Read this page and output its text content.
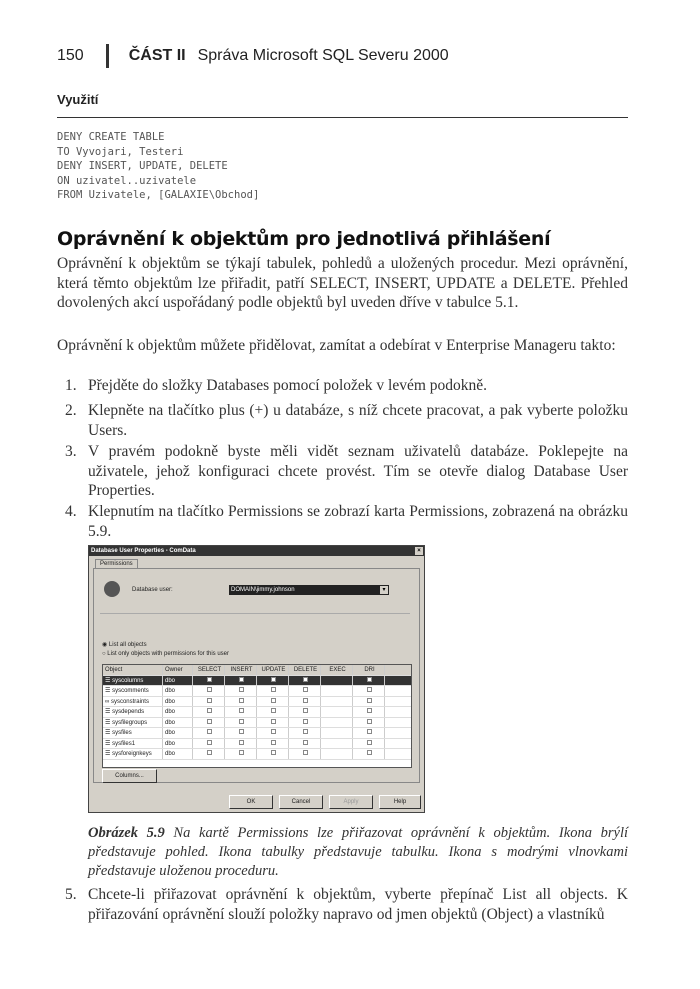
150	ČÁST II Správa Microsoft SQL Severu 2000
Využití
DENY CREATE TABLE
TO Vyvojari, Testeri
DENY INSERT, UPDATE, DELETE
ON uzivatel..uzivatele
FROM Uzivatele, [GALAXIE\Obchod]
Oprávnění k objektům pro jednotlivá přihlášení

Oprávnění k objektům se týkají tabulek, pohledů a uložených procedur. Mezi oprávnění, která těmto objektům lze přiřadit, patří SELECT, INSERT, UPDATE a DELETE. Přehled dovolených akcí uspořádaný podle objektů byl uveden dříve v tabulce 5.1.

Oprávnění k objektům můžete přidělovat, zamítat a odebírat v Enterprise Manageru takto:

1. Přejděte do složky Databases pomocí položek v levém podokně.
2. Klepněte na tlačítko plus (+) u databáze, s níž chcete pracovat, a pak vyberte položku Users.
3. V pravém podokně byste měli vidět seznam uživatelů databáze. Poklepejte na uživatele, jehož konfiguraci chcete provést. Tím se otevře dialog Database User Properties.
4. Klepnutím na tlačítko Permissions se zobrazí karta Permissions, zobrazená na obrázku 5.9.
Database User Properties - ComData	×
Permissions
Database user:	DOMAIN\jimmy.johnson	▾
◉ List all objects
○ List only objects with permissions for this user
Object	Owner	SELECT	INSERT	UPDATE	DELETE	EXEC	DRI
☰ syscolumns	dbo
☰ syscomments	dbo
∞ sysconstraints	dbo
☰ sysdepends	dbo
☰ sysfilegroups	dbo
☰ sysfiles	dbo
☰ sysfiles1	dbo
☰ sysforeignkeys	dbo
Columns...
OK	Cancel	Apply	Help

Obrázek 5.9 Na kartě Permissions lze přiřazovat oprávnění k objektům. Ikona brýlí představuje pohled. Ikona tabulky představuje tabulku. Ikona s modrými vlnovkami představuje uloženou proceduru.

5. Chcete-li přiřazovat oprávnění k objektům, vyberte přepínač List all objects. K přiřazování oprávnění slouží položky napravo od jmen objektů (Object) a vlastníků
